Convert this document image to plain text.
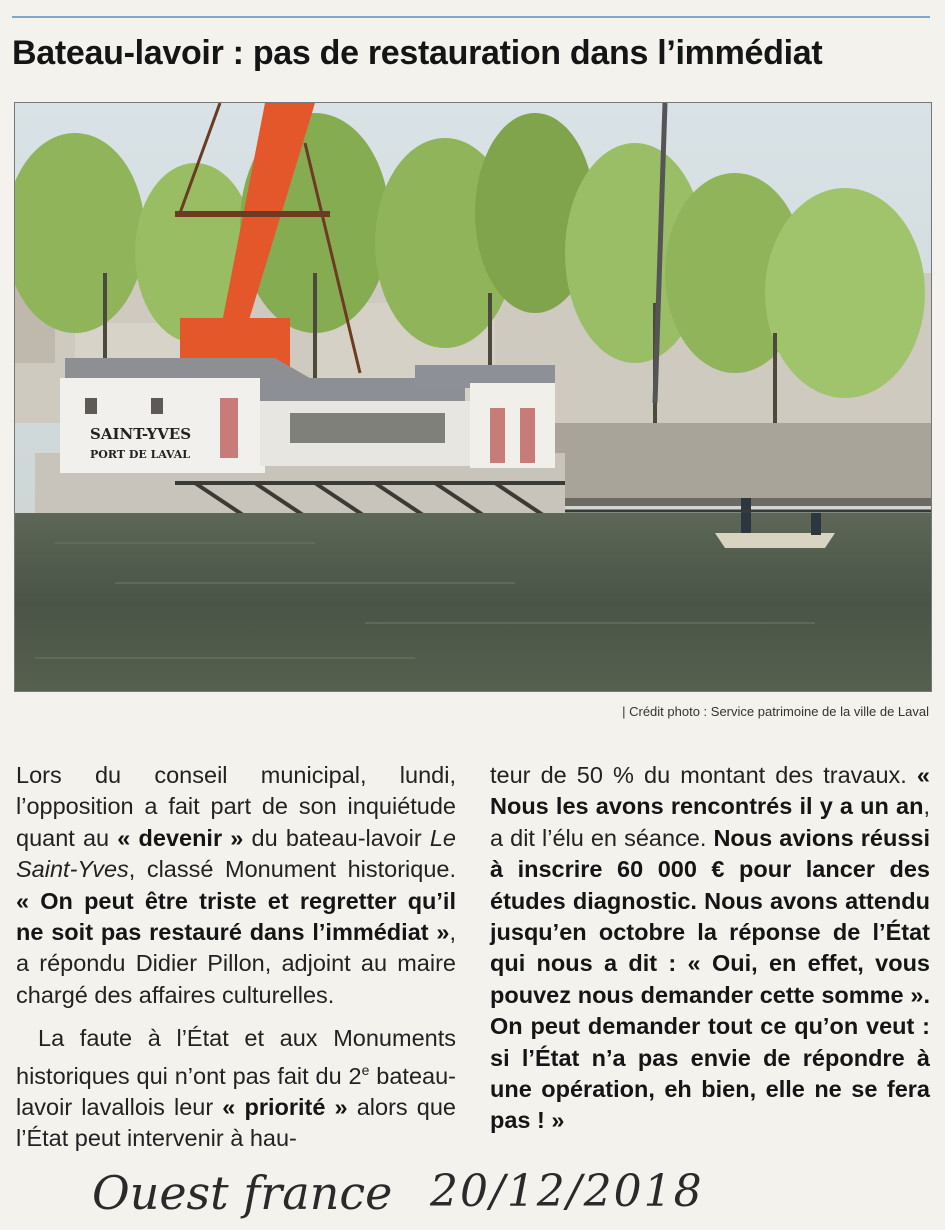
Bateau-lavoir : pas de restauration dans l’immédiat
SAINT-YVES
PORT DE LAVAL
| Crédit photo : Service patrimoine de la ville de Laval

Lors du conseil municipal, lundi, l’opposition a fait part de son inquiétude quant au « devenir » du bateau-lavoir Le Saint-Yves, classé Monument historique. « On peut être triste et regretter qu’il ne soit pas restauré dans l’immédiat », a répondu Didier Pillon, adjoint au maire chargé des affaires culturelles.

La faute à l’État et aux Monuments historiques qui n’ont pas fait du 2e bateau-lavoir lavallois leur « priorité » alors que l’État peut intervenir à hau-

teur de 50 % du montant des travaux. « Nous les avons rencontrés il y a un an, a dit l’élu en séance. Nous avions réussi à inscrire 60 000 € pour lancer des études diagnostic. Nous avons attendu jusqu’en octobre la réponse de l’État qui nous a dit : « Oui, en effet, vous pouvez nous demander cette somme ». On peut demander tout ce qu’on veut : si l’État n’a pas envie de répondre à une opération, eh bien, elle ne se fera pas ! »

Ouest france 20/12/2018
